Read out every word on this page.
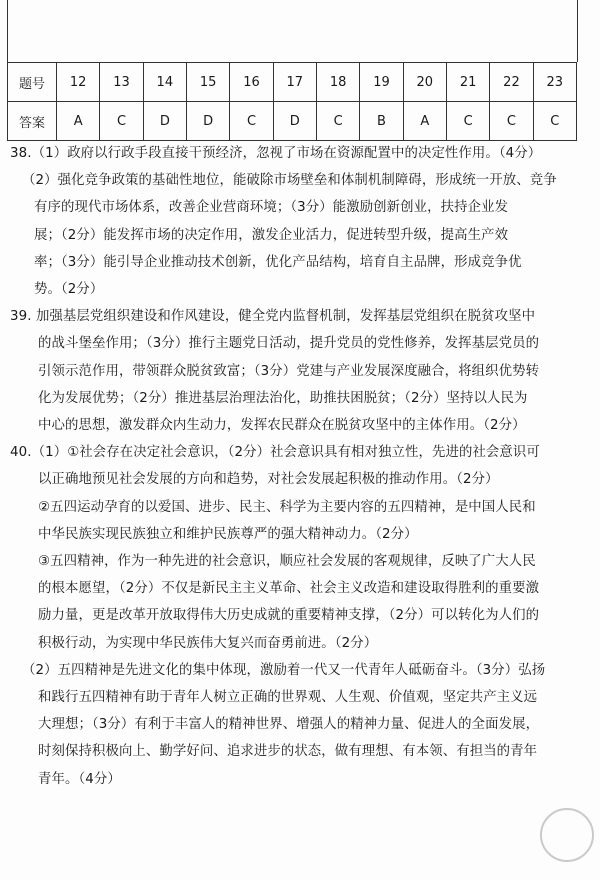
题号	12	13	14	15	16	17	18	19	20	21	22	23
答案	A	C	D	D	C	D	C	B	A	C	C	C

38.（1）政府以行政手段直接干预经济，忽视了市场在资源配置中的决定性作用。（4分）

（2）强化竞争政策的基础性地位，能破除市场壁垒和体制机制障碍，形成统一开放、竞争

有序的现代市场体系，改善企业营商环境；（3分）能激励创新创业，扶持企业发

展；（2分）能发挥市场的决定作用，激发企业活力，促进转型升级，提高生产效

率；（3分）能引导企业推动技术创新，优化产品结构，培育自主品牌，形成竞争优

势。（2分）

39. 加强基层党组织建设和作风建设，健全党内监督机制，发挥基层党组织在脱贫攻坚中

的战斗堡垒作用；（3分）推行主题党日活动，提升党员的党性修养，发挥基层党员的

引领示范作用，带领群众脱贫致富；（3分）党建与产业发展深度融合，将组织优势转

化为发展优势；（2分）推进基层治理法治化，助推扶困脱贫；（2分）坚持以人民为

中心的思想，激发群众内生动力，发挥农民群众在脱贫攻坚中的主体作用。（2分）

40.（1）①社会存在决定社会意识，（2分）社会意识具有相对独立性，先进的社会意识可

以正确地预见社会发展的方向和趋势，对社会发展起积极的推动作用。（2分）

②五四运动孕育的以爱国、进步、民主、科学为主要内容的五四精神，是中国人民和

中华民族实现民族独立和维护民族尊严的强大精神动力。（2分）

③五四精神，作为一种先进的社会意识，顺应社会发展的客观规律，反映了广大人民

的根本愿望，（2分）不仅是新民主主义革命、社会主义改造和建设取得胜利的重要激

励力量，更是改革开放取得伟大历史成就的重要精神支撑，（2分）可以转化为人们的

积极行动，为实现中华民族伟大复兴而奋勇前进。（2分）

（2）五四精神是先进文化的集中体现，激励着一代又一代青年人砥砺奋斗。（3分）弘扬

和践行五四精神有助于青年人树立正确的世界观、人生观、价值观，坚定共产主义远

大理想；（3分）有利于丰富人的精神世界、增强人的精神力量、促进人的全面发展，

时刻保持积极向上、勤学好问、追求进步的状态，做有理想、有本领、有担当的青年

青年。（4分）
